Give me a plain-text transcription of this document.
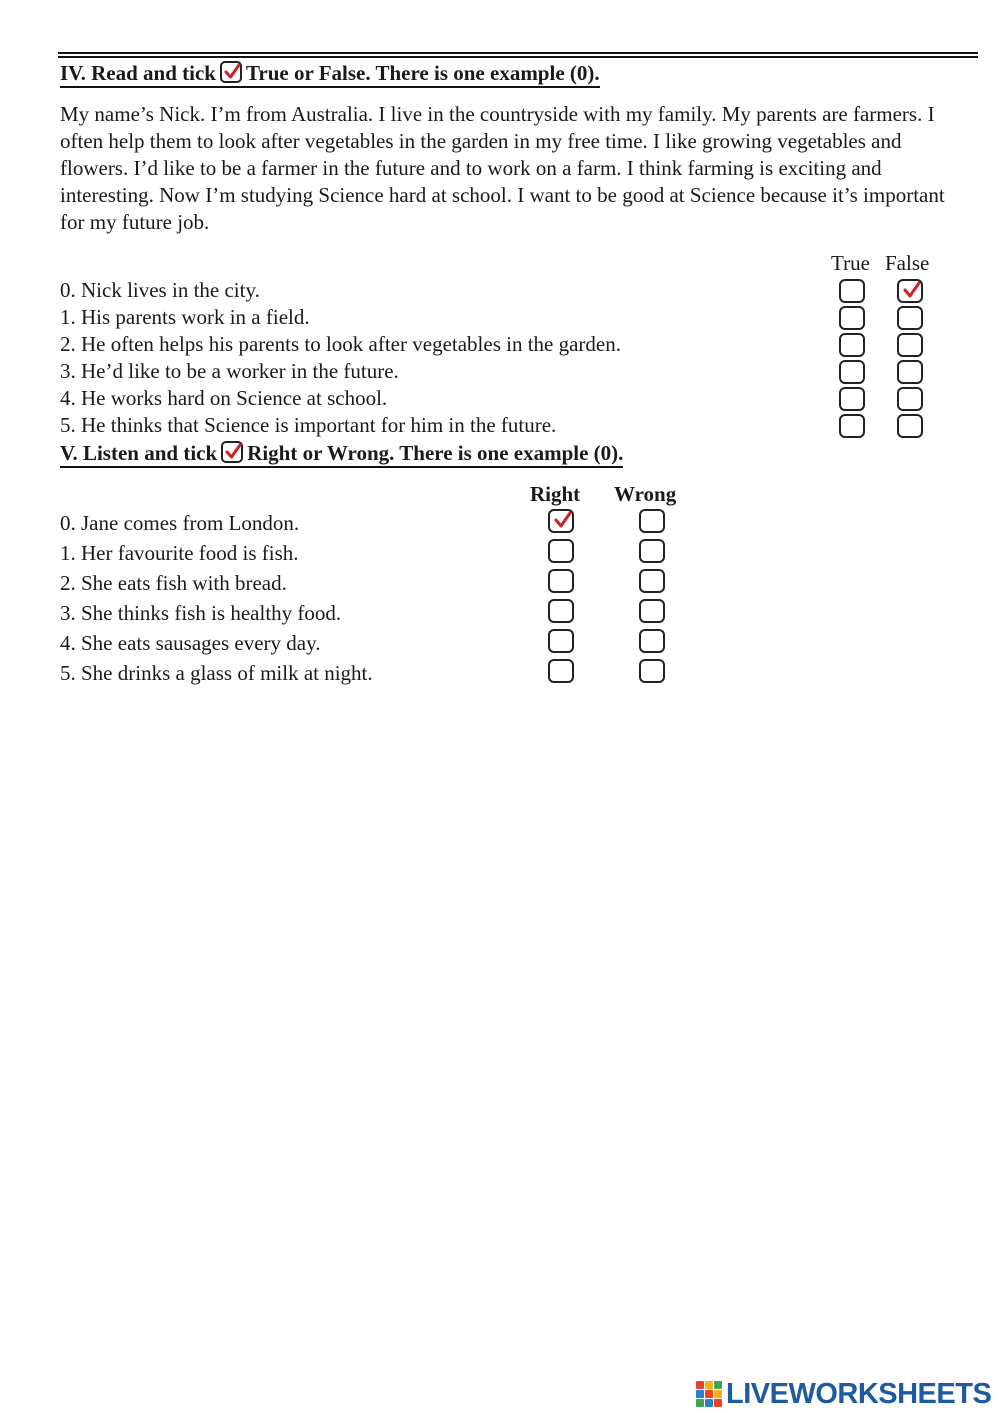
IV. Read and tick True or False. There is one example (0).
My name’s Nick. I’m from Australia. I live in the countryside with my family. My parents are farmers. I often help them to look after vegetables in the garden in my free time. I like growing vegetables and flowers. I’d like to be a farmer in the future and to work on a farm. I think farming is exciting and interesting. Now I’m studying Science hard at school. I want to be good at Science because it’s important for my future job.
True False
0. Nick lives in the city.
1. His parents work in a field.
2. He often helps his parents to look after vegetables in the garden.
3. He’d like to be a worker in the future.
4. He works hard on Science at school.
5. He thinks that Science is important for him in the future.
V. Listen and tick Right or Wrong. There is one example (0).
Right Wrong
0. Jane comes from London.
1. Her favourite food is fish.
2. She eats fish with bread.
3. She thinks fish is healthy food.
4. She eats sausages every day.
5. She drinks a glass of milk at night.
LIVEWORKSHEETS
